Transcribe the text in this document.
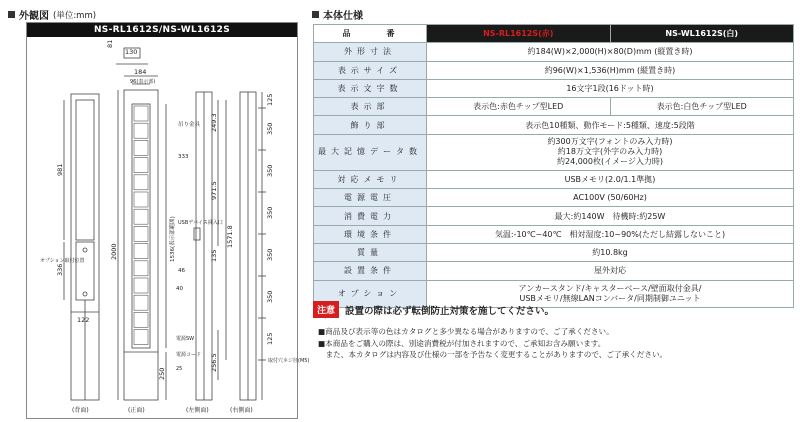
外観図 (単位:mm)
NS-RL1612S/NS-WL1612S
130
184
96(表示部)
122
333
46
吊り金具
オプション取付位置
電源SW
電源コード
25
取付穴ネジ径(M5)
USBデバイス挿入口
40
81
981
336
2000	1536(表示部範囲)
250
249.3
971.5
1571.8
135
256.5
125
350
350
350
350
350
125
(背面)	(正面)	(左側面)	(右側面)
本体仕様
品　　　番	NS-RL1612S(赤)	NS-WL1612S(白)
外形寸法	約184(W)×2,000(H)×80(D)mm (縦置き時)	
表示サイズ	約96(W)×1,536(H)mm (縦置き時)	
表示文字数	16文字1段(16ドット時)	
表示部	表示色:赤色チップ型LED	表示色:白色チップ型LED
飾り部	表示色10種類、動作モード:5種類、速度:5段階	
最大記憶データ数	約300万文字(フォントのみ入力時)
約18万文字(外字のみ入力時)
約24,000枚(イメージ入力時)	

対応メモリ	USBメモリ(2.0/1.1準拠)	
電源電圧	AC100V (50/60Hz)	
消費電力	最大:約140W　待機時:約25W	
環境条件	気温:-10℃~40℃　相対湿度:10~90%(ただし結露しないこと)	
質量	約10.8kg	
設置条件	屋外対応	
オプション	アンカースタンド/キャスターベース/壁面取付金具/
USBメモリ/無線LANコンバータ/同期制御ユニット	
注意	設置の際は必ず転倒防止対策を施してください。
■商品及び表示等の色はカタログと多少異なる場合がありますので、ご了承ください。
■本商品をご購入の際は、別途消費税が付加されますので、ご承知お含み願います。
　また、本カタログは内容及び仕様の一部を予告なく変更することがありますので、ご了承ください。
